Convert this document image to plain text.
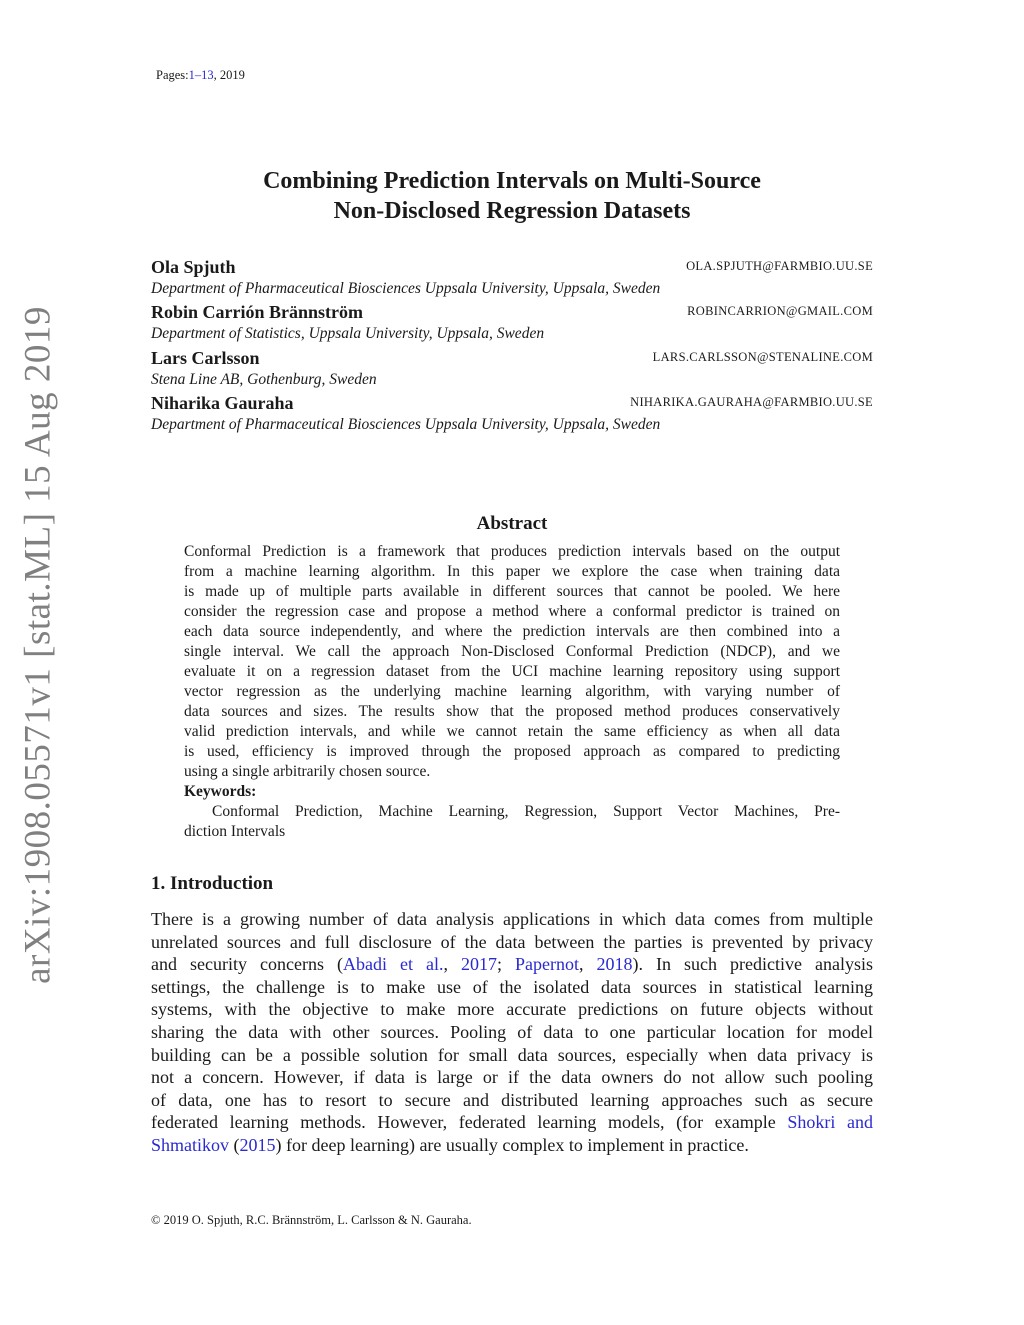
Pages:1–13, 2019
arXiv:1908.05571v1 [stat.ML] 15 Aug 2019
Combining Prediction Intervals on Multi-Source
Non-Disclosed Regression Datasets
Ola Spjuth	OLA.SPJUTH@FARMBIO.UU.SE
Department of Pharmaceutical Biosciences Uppsala University, Uppsala, Sweden
Robin Carrión Brännström	ROBINCARRION@GMAIL.COM
Department of Statistics, Uppsala University, Uppsala, Sweden
Lars Carlsson	LARS.CARLSSON@STENALINE.COM
Stena Line AB, Gothenburg, Sweden
Niharika Gauraha	NIHARIKA.GAURAHA@FARMBIO.UU.SE
Department of Pharmaceutical Biosciences Uppsala University, Uppsala, Sweden
Abstract
Conformal Prediction is a framework that produces prediction intervals based on the output
from a machine learning algorithm. In this paper we explore the case when training data
is made up of multiple parts available in different sources that cannot be pooled. We here
consider the regression case and propose a method where a conformal predictor is trained on
each data source independently, and where the prediction intervals are then combined into a
single interval. We call the approach Non-Disclosed Conformal Prediction (NDCP), and we
evaluate it on a regression dataset from the UCI machine learning repository using support
vector regression as the underlying machine learning algorithm, with varying number of
data sources and sizes. The results show that the proposed method produces conservatively
valid prediction intervals, and while we cannot retain the same efficiency as when all data
is used, efficiency is improved through the proposed approach as compared to predicting
using a single arbitrarily chosen source.
Keywords:
Conformal Prediction, Machine Learning, Regression, Support Vector Machines, Pre-
diction Intervals
1. Introduction
There is a growing number of data analysis applications in which data comes from multiple
unrelated sources and full disclosure of the data between the parties is prevented by privacy
and security concerns (Abadi et al., 2017; Papernot, 2018). In such predictive analysis
settings, the challenge is to make use of the isolated data sources in statistical learning
systems, with the objective to make more accurate predictions on future objects without
sharing the data with other sources. Pooling of data to one particular location for model
building can be a possible solution for small data sources, especially when data privacy is
not a concern. However, if data is large or if the data owners do not allow such pooling
of data, one has to resort to secure and distributed learning approaches such as secure
federated learning methods. However, federated learning models, (for example Shokri and
Shmatikov (2015) for deep learning) are usually complex to implement in practice.
© 2019 O. Spjuth, R.C. Brännström, L. Carlsson & N. Gauraha.
